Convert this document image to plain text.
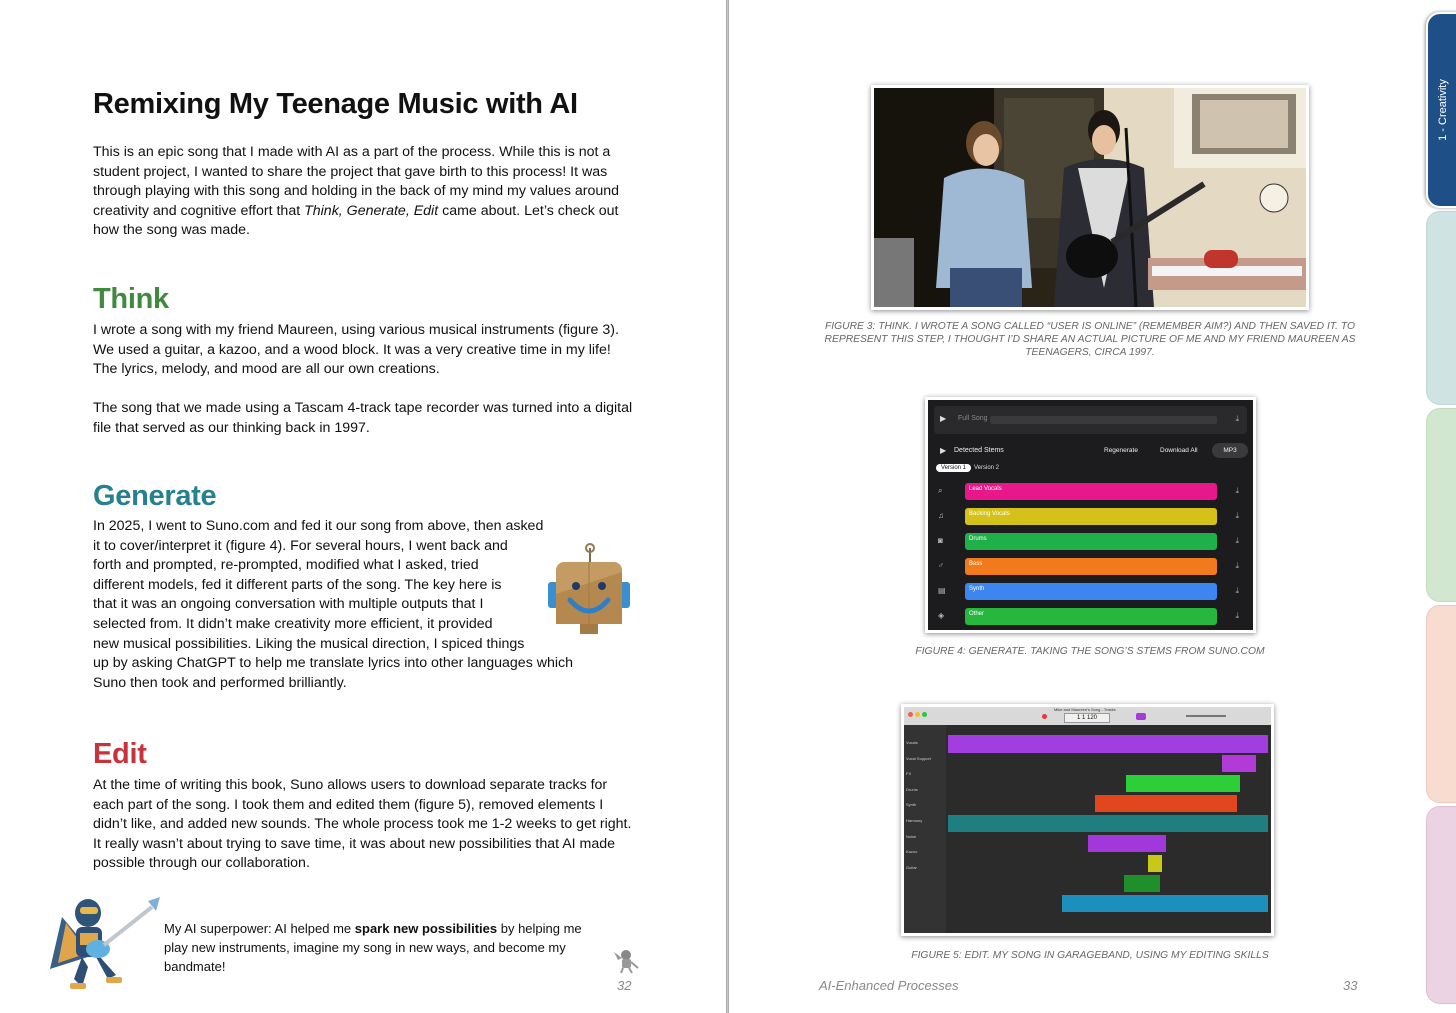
Remixing My Teenage Music with AI

This is an epic song that I made with AI as a part of the process. While this is not a student project, I wanted to share the project that gave birth to this process! It was through playing with this song and holding in the back of my mind my values around creativity and cognitive effort that Think, Generate, Edit came about. Let’s check out how the song was made.

Think

I wrote a song with my friend Maureen, using various musical instruments (figure 3). We used a guitar, a kazoo, and a wood block. It was a very creative time in my life! The lyrics, melody, and mood are all our own creations.

The song that we made using a Tascam 4-track tape recorder was turned into a digital file that served as our thinking back in 1997.

Generate
In 2025, I went to Suno.com and fed it our song from above, then asked
it to cover/interpret it (figure 4). For several hours, I went back and
forth and prompted, re-prompted, modified what I asked, tried
different models, fed it different parts of the song. The key here is
that it was an ongoing conversation with multiple outputs that I
selected from. It didn’t make creativity more efficient, it provided
new musical possibilities. Liking the musical direction, I spiced things
up by asking ChatGPT to help me translate lyrics into other languages which
Suno then took and performed brilliantly.
Edit

At the time of writing this book, Suno allows users to download separate tracks for each part of the song. I took them and edited them (figure 5), removed elements I didn’t like, and added new sounds. The whole process took me 1-2 weeks to get right. It really wasn’t about trying to save time, it was about new possibilities that AI made possible through our collaboration.

My AI superpower: AI helped me spark new possibilities by helping me play new instruments, imagine my song in new ways, and become my bandmate!

32

FIGURE 3: THINK. I WROTE A SONG CALLED “USER IS ONLINE” (REMEMBER AIM?) AND THEN SAVED IT. TO REPRESENT THIS STEP, I THOUGHT I’D SHARE AN ACTUAL PICTURE OF ME AND MY FRIEND MAUREEN AS TEENAGERS, CIRCA 1997.

▶ Full Song	⤓
▶ Detected Stems	Regenerate	Download All	MP3
Version 1	Version 2
⌕	Lead Vocals	⤓
♫	Backing Vocals	⤓
◙	Drums	⤓
♂	Bass	⤓
▤	Synth	⤓
◈	Other	⤓

FIGURE 4: GENERATE. TAKING THE SONG’S STEMS FROM SUNO.COM

Mike and Maureen's Song - Tracks
1 1 120
Vocals
Vocal Support
FX
Drums
Synth
Harmony
Noise
Kazoo
Guitar

FIGURE 5: EDIT. MY SONG IN GARAGEBAND, USING MY EDITING SKILLS

AI-Enhanced Processes	33
1 - Creativity
